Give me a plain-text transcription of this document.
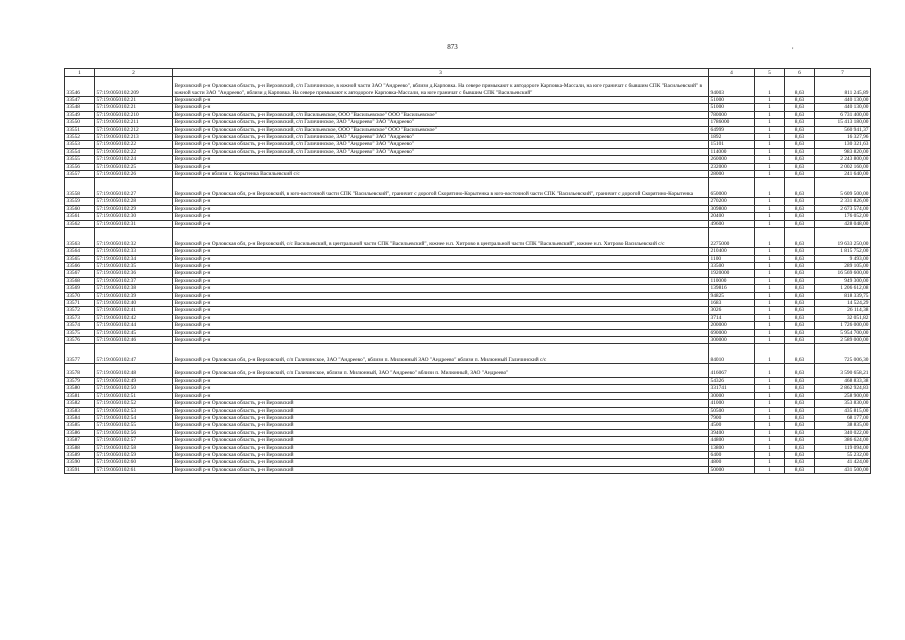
873	,
1	2	3	4	5	6	7
33546	57:19:0050102:209	Верховский р-н Орловская область, р-н Верховский, с/п Галичинское, в южной части ЗАО "Андреево", вблизи д.Карповка. На севере примыкают к автодороге Карповка-Массали, на юге граничат с бывшим СПК "Васильевский" в южной части ЗАО "Андреево", вблизи д Карповка. На севере примыкают к автодороге Карповка-Массали, на юге граничат с бывшим СПК "Васильевский"	94003	1	8,63	811 245,89
33547	57:19:0050102:21	Верховский р-н	51000	1	8,63	440 130,00
33548	57:19:0050102:21	Верховский р-н	51000	1	8,63	440 130,00
33549	57:19:0050102:210	Верховский р-н Орловская область, р-н Верховский, с/п Васильевское, ООО "Васильевское" ООО "Васильевское"	780000	1	8,63	6 731 400,00
33550	57:19:0050102:211	Верховский р-н Орловская область, р-н Верховский, с/п Галичинское, ЗАО "Андреево" ЗАО "Андреево"	1786000	1	8,63	15 413 180,00
33551	57:19:0050102:212	Верховский р-н Орловская область, р-н Верховский, с/п Васильевское, ООО "Васильевское" ООО "Васильевское"	64999	1	8,63	560 941,37
33552	57:19:0050102:213	Верховский р-н Орловская область, р-н Верховский, с/п Галичинское, ЗАО "Андреево" ЗАО "Андреево"	1892	1	8,63	16 327,96
33553	57:19:0050102:22	Верховский р-н Орловская область, р-н Верховский, с/п Галичинское, ЗАО "Андреево" ЗАО "Андреево"	15101	1	8,63	130 321,63
33554	57:19:0050102:22	Верховский р-н Орловская область, р-н Верховский, с/п Галичинское, ЗАО "Андреево" ЗАО "Андреево"	114000	1	8,63	983 820,00
33555	57:19:0050102:24	Верховский р-н	260000	1	8,63	2 243 800,00
33556	57:19:0050102:25	Верховский р-н	232000	1	8,63	2 002 160,00
33557	57:19:0050102:26	Верховский р-н вблизи с. Корытенка Васильевский с/с	28000	1	8,63	241 640,00
33558	57:19:0050102:27	Верховский р-н Орловская обл, р-н Верховский, в юго-восточной части СПК "Васильевский", граничит с дорогой Скорятино-Корытенка в юго-восточной части СПК "Васильевский", граничит с дорогой Скорятино-Корытенка	650000	1	8,63	5 609 500,00
33559	57:19:0050102:28	Верховский р-н	270200	1	8,63	2 331 826,00
33560	57:19:0050102:29	Верховский р-н	309800	1	8,63	2 673 574,00
33561	57:19:0050102:30	Верховский р-н	20400	1	8,63	176 052,00
33562	57:19:0050102:31	Верховский р-н	49600	1	8,63	428 048,00
33563	57:19:0050102:32	Верховский р-н Орловская обл, р-н Верховский, с/с Васильевский, в центральной части СПК "Васильевский", южнее н.п. Хитрово в центральной части СПК "Васильевский", южнее н.п. Хитрово Васильевский с/с	2275000	1	8,63	19 633 250,00
33564	57:19:0050102:33	Верховский р-н	210400	1	8,63	1 815 752,00
33565	57:19:0050102:34	Верховский р-н	1100	1	8,63	9 493,00
33566	57:19:0050102:35	Верховский р-н	33500	1	8,63	289 105,00
33567	57:19:0050102:36	Верховский р-н	1920000	1	8,63	16 569 600,00
33568	57:19:0050102:37	Верховский р-н	110000	1	8,63	949 300,00
33569	57:19:0050102:38	Верховский р-н	139816	1	8,63	1 206 612,08
33570	57:19:0050102:39	Верховский р-н	94825	1	8,63	818 339,75
33571	57:19:0050102:40	Верховский р-н	1683	1	8,63	14 524,29
33572	57:19:0050102:41	Верховский р-н	3026	1	8,63	26 114,38
33573	57:19:0050102:42	Верховский р-н	3714	1	8,63	32 051,82
33574	57:19:0050102:44	Верховский р-н	200000	1	8,63	1 726 000,00
33575	57:19:0050102:45	Верховский р-н	690000	1	8,63	5 954 700,00
33576	57:19:0050102:46	Верховский р-н	300000	1	8,63	2 589 000,00
33577	57:19:0050102:47	Верховский р-н Орловская обл, р-н Верховский, с/п Галичинское, ЗАО "Андреево", вблизи п. Милюнный ЗАО "Андреево" вблизи п. Милюнный Галичинский с/с	84010	1	8,63	725 006,30
33578	57:19:0050102:48	Верховский р-н Орловская обл, р-н Верховский, с/п Галичинское, вблизи п. Милюнный, ЗАО "Андреево" вблизи п. Милюнный, ЗАО "Андреево"	416067	1	8,63	3 590 658,21
33579	57:19:0050102:49	Верховский р-н	54326	1	8,63	468 833,38
33580	57:19:0050102:50	Верховский р-н	331741	1	8,63	2 862 924,83
33581	57:19:0050102:51	Верховский р-н	30000	1	8,63	258 900,00
33582	57:19:0050102:52	Верховский р-н Орловская область, р-н Верховский	41000	1	8,63	353 830,00
33583	57:19:0050102:53	Верховский р-н Орловская область, р-н Верховский	50500	1	8,63	435 815,00
33584	57:19:0050102:54	Верховский р-н Орловская область, р-н Верховский	7900	1	8,63	68 177,00
33585	57:19:0050102:55	Верховский р-н Орловская область, р-н Верховский	4500	1	8,63	38 835,00
33586	57:19:0050102:56	Верховский р-н Орловская область, р-н Верховский	39400	1	8,63	340 022,00
33587	57:19:0050102:57	Верховский р-н Орловская область, р-н Верховский	44800	1	8,63	386 624,00
33588	57:19:0050102:58	Верховский р-н Орловская область, р-н Верховский	13800	1	8,63	119 094,00
33589	57:19:0050102:59	Верховский р-н Орловская область, р-н Верховский	6400	1	8,63	55 232,00
33590	57:19:0050102:60	Верховский р-н Орловская область, р-н Верховский	4800	1	8,63	41 424,00
33591	57:19:0050102:61	Верховский р-н Орловская область, р-н Верховский	50000	1	8,63	431 500,00
